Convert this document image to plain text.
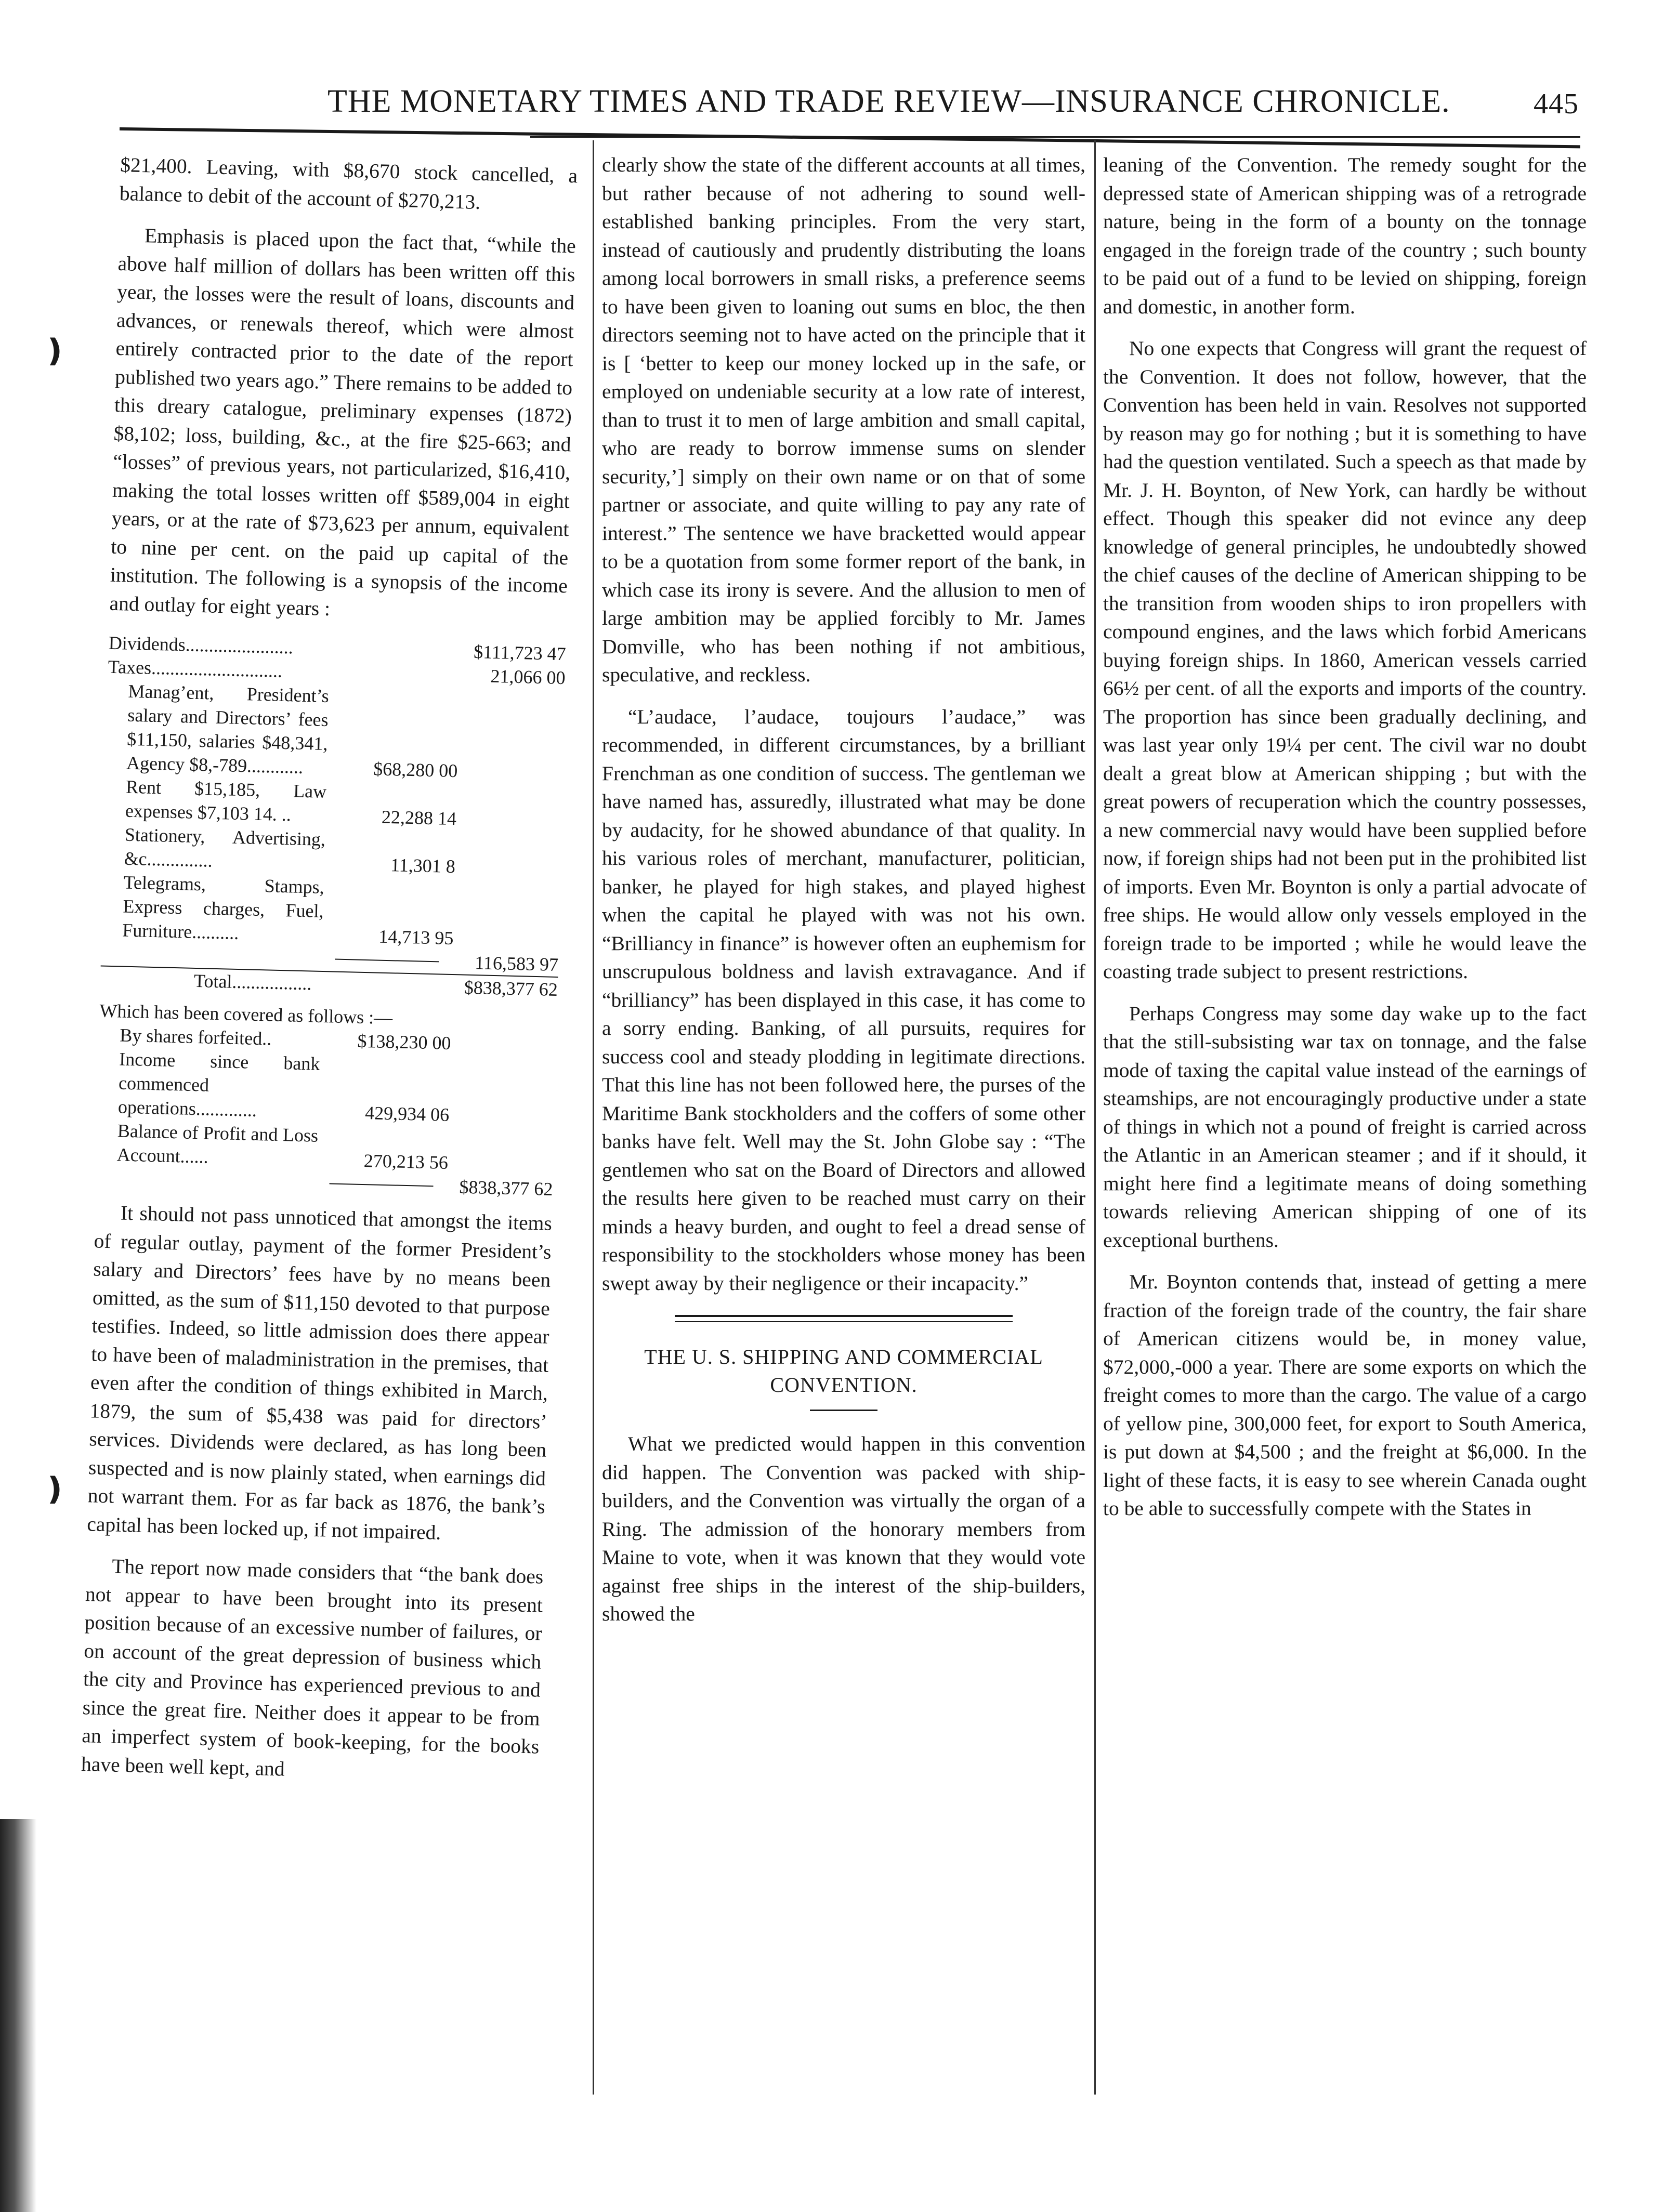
THE MONETARY TIMES AND TRADE REVIEW—INSURANCE CHRONICLE.	445
❫
❫

$21,400. Leaving, with $8,670 stock cancelled, a balance to debit of the account of $270,213.

Emphasis is placed upon the fact that, “while the above half million of dollars has been written off this year, the losses were the result of loans, discounts and advances, or renewals thereof, which were almost entirely contracted prior to the date of the report published two years ago.” There remains to be added to this dreary catalogue, preliminary expenses (1872) $8,102; loss, building, &c., at the fire $25-663; and “losses” of previous years, not particularized, $16,410, making the total losses written off $589,004 in eight years, or at the rate of $73,623 per annum, equivalent to nine per cent. on the paid up capital of the institution. The following is a synopsis of the income and outlay for eight years :

Dividends.......................	$111,723 47
Taxes............................	21,066 00
Manag’ent, President’s salary and Directors’ fees $11,150, salaries $48,341, Agency $8,-789............	$68,280 00
Rent $15,185, Law expenses $7,103 14. ..	22,288 14
Stationery, Advertising, &c..............	11,301 8
Telegrams, Stamps, Express charges, Fuel, Furniture..........	14,713 95
116,583 97
Total.................	$838,377 62
Which has been covered as follows :—
By shares forfeited..	$138,230 00
Income since bank commenced operations.............	429,934 06
Balance of Profit and Loss Account......	270,213 56
$838,377 62

It should not pass unnoticed that amongst the items of regular outlay, payment of the former President’s salary and Directors’ fees have by no means been omitted, as the sum of $11,150 devoted to that purpose testifies. Indeed, so little admission does there appear to have been of maladministration in the premises, that even after the condition of things exhibited in March, 1879, the sum of $5,438 was paid for directors’ services. Dividends were declared, as has long been suspected and is now plainly stated, when earnings did not warrant them. For as far back as 1876, the bank’s capital has been locked up, if not impaired.

The report now made considers that “the bank does not appear to have been brought into its present position because of an excessive number of failures, or on account of the great depression of business which the city and Province has experienced previous to and since the great fire. Neither does it appear to be from an imperfect system of book-keeping, for the books have been well kept, and

clearly show the state of the different accounts at all times, but rather because of not adhering to sound well-established banking principles. From the very start, instead of cautiously and prudently distributing the loans among local borrowers in small risks, a preference seems to have been given to loaning out sums en bloc, the then directors seeming not to have acted on the principle that it is [ ‘better to keep our money locked up in the safe, or employed on undeniable security at a low rate of interest, than to trust it to men of large ambition and small capital, who are ready to borrow immense sums on slender security,’] simply on their own name or on that of some partner or associate, and quite willing to pay any rate of interest.” The sentence we have bracketted would appear to be a quotation from some former report of the bank, in which case its irony is severe. And the allusion to men of large ambition may be applied forcibly to Mr. James Domville, who has been nothing if not ambitious, speculative, and reckless.

“L’audace, l’audace, toujours l’audace,” was recommended, in different circumstances, by a brilliant Frenchman as one condition of success. The gentleman we have named has, assuredly, illustrated what may be done by audacity, for he showed abundance of that quality. In his various roles of merchant, manufacturer, politician, banker, he played for high stakes, and played highest when the capital he played with was not his own. “Brilliancy in finance” is however often an euphemism for unscrupulous boldness and lavish extravagance. And if “brilliancy” has been displayed in this case, it has come to a sorry ending. Banking, of all pursuits, requires for success cool and steady plodding in legitimate directions. That this line has not been followed here, the purses of the Maritime Bank stockholders and the coffers of some other banks have felt. Well may the St. John Globe say : “The gentlemen who sat on the Board of Directors and allowed the results here given to be reached must carry on their minds a heavy burden, and ought to feel a dread sense of responsibility to the stockholders whose money has been swept away by their negligence or their incapacity.”

THE U. S. SHIPPING AND COMMERCIAL CONVENTION.

What we predicted would happen in this convention did happen. The Convention was packed with ship-builders, and the Convention was virtually the organ of a Ring. The admission of the honorary members from Maine to vote, when it was known that they would vote against free ships in the interest of the ship-builders, showed the

leaning of the Convention. The remedy sought for the depressed state of American shipping was of a retrograde nature, being in the form of a bounty on the tonnage engaged in the foreign trade of the country ; such bounty to be paid out of a fund to be levied on shipping, foreign and domestic, in another form.

No one expects that Congress will grant the request of the Convention. It does not follow, however, that the Convention has been held in vain. Resolves not supported by reason may go for nothing ; but it is something to have had the question ventilated. Such a speech as that made by Mr. J. H. Boynton, of New York, can hardly be without effect. Though this speaker did not evince any deep knowledge of general principles, he undoubtedly showed the chief causes of the decline of American shipping to be the transition from wooden ships to iron propellers with compound engines, and the laws which forbid Americans buying foreign ships. In 1860, American vessels carried 66½ per cent. of all the exports and imports of the country. The proportion has since been gradually declining, and was last year only 19¼ per cent. The civil war no doubt dealt a great blow at American shipping ; but with the great powers of recuperation which the country possesses, a new commercial navy would have been supplied before now, if foreign ships had not been put in the prohibited list of imports. Even Mr. Boynton is only a partial advocate of free ships. He would allow only vessels employed in the foreign trade to be imported ; while he would leave the coasting trade subject to present restrictions.

Perhaps Congress may some day wake up to the fact that the still-subsisting war tax on tonnage, and the false mode of taxing the capital value instead of the earnings of steamships, are not encouragingly productive under a state of things in which not a pound of freight is carried across the Atlantic in an American steamer ; and if it should, it might here find a legitimate means of doing something towards relieving American shipping of one of its exceptional burthens.

Mr. Boynton contends that, instead of getting a mere fraction of the foreign trade of the country, the fair share of American citizens would be, in money value, $72,000,-000 a year. There are some exports on which the freight comes to more than the cargo. The value of a cargo of yellow pine, 300,000 feet, for export to South America, is put down at $4,500 ; and the freight at $6,000. In the light of these facts, it is easy to see wherein Canada ought to be able to successfully compete with the States in
